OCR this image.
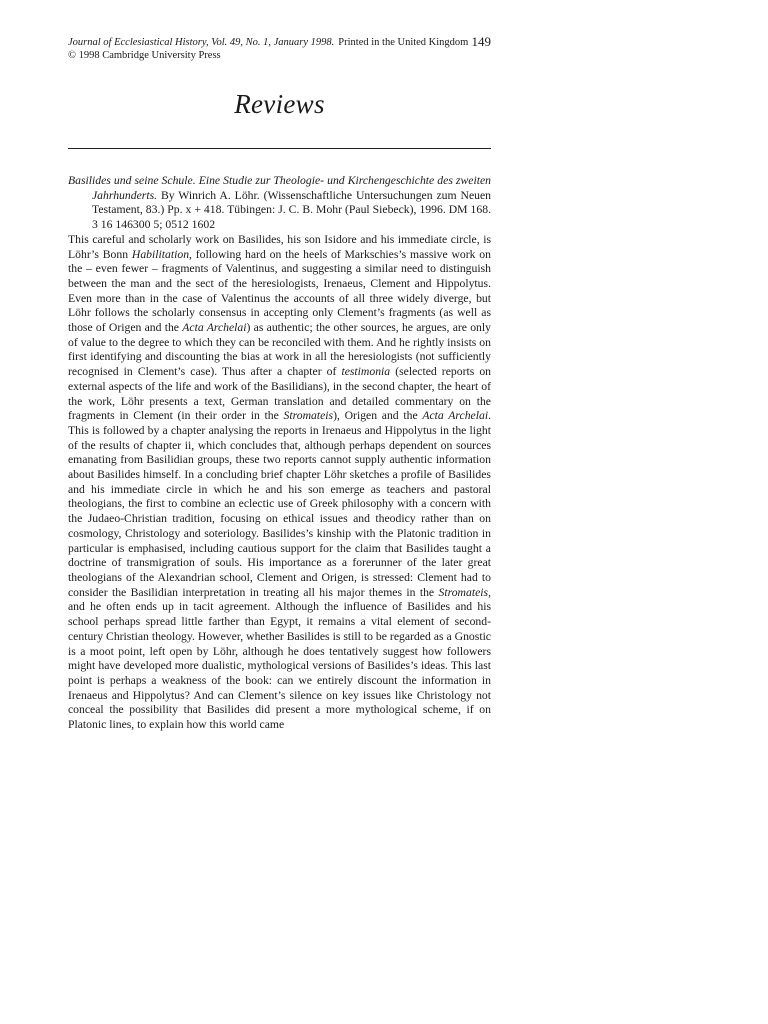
Journal of Ecclesiastical History, Vol. 49, No. 1, January 1998. Printed in the United Kingdom 149
© 1998 Cambridge University Press
Reviews
Basilides und seine Schule. Eine Studie zur Theologie- und Kirchengeschichte des zweiten Jahrhunderts. By Winrich A. Löhr. (Wissenschaftliche Untersuchungen zum Neuen Testament, 83.) Pp. x + 418. Tübingen: J. C. B. Mohr (Paul Siebeck), 1996. DM 168. 3 16 146300 5; 0512 1602

This careful and scholarly work on Basilides, his son Isidore and his immediate circle, is Löhr’s Bonn Habilitation, following hard on the heels of Markschies’s massive work on the – even fewer – fragments of Valentinus, and suggesting a similar need to distinguish between the man and the sect of the heresiologists, Irenaeus, Clement and Hippolytus. Even more than in the case of Valentinus the accounts of all three widely diverge, but Löhr follows the scholarly consensus in accepting only Clement’s fragments (as well as those of Origen and the Acta Archelai) as authentic; the other sources, he argues, are only of value to the degree to which they can be reconciled with them. And he rightly insists on first identifying and discounting the bias at work in all the heresiologists (not sufficiently recognised in Clement’s case). Thus after a chapter of testimonia (selected reports on external aspects of the life and work of the Basilidians), in the second chapter, the heart of the work, Löhr presents a text, German translation and detailed commentary on the fragments in Clement (in their order in the Stromateis), Origen and the Acta Archelai. This is followed by a chapter analysing the reports in Irenaeus and Hippolytus in the light of the results of chapter ii, which concludes that, although perhaps dependent on sources emanating from Basilidian groups, these two reports cannot supply authentic information about Basilides himself. In a concluding brief chapter Löhr sketches a profile of Basilides and his immediate circle in which he and his son emerge as teachers and pastoral theologians, the first to combine an eclectic use of Greek philosophy with a concern with the Judaeo-Christian tradition, focusing on ethical issues and theodicy rather than on cosmology, Christology and soteriology. Basilides’s kinship with the Platonic tradition in particular is emphasised, including cautious support for the claim that Basilides taught a doctrine of transmigration of souls. His importance as a forerunner of the later great theologians of the Alexandrian school, Clement and Origen, is stressed: Clement had to consider the Basilidian interpretation in treating all his major themes in the Stromateis, and he often ends up in tacit agreement. Although the influence of Basilides and his school perhaps spread little farther than Egypt, it remains a vital element of second-century Christian theology. However, whether Basilides is still to be regarded as a Gnostic is a moot point, left open by Löhr, although he does tentatively suggest how followers might have developed more dualistic, mythological versions of Basilides’s ideas. This last point is perhaps a weakness of the book: can we entirely discount the information in Irenaeus and Hippolytus? And can Clement’s silence on key issues like Christology not conceal the possibility that Basilides did present a more mythological scheme, if on Platonic lines, to explain how this world came
